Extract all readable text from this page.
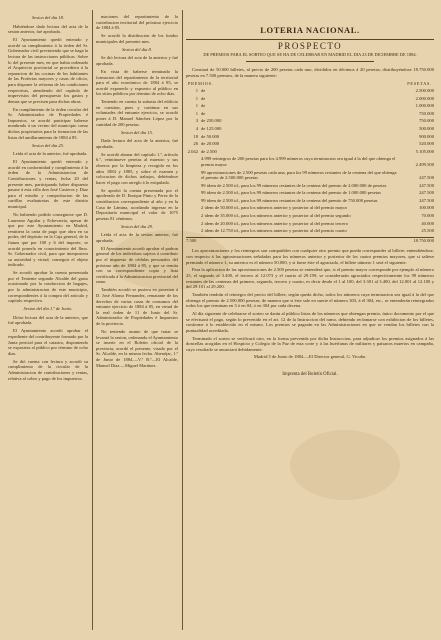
Sesion del dia 18.

Habiéndose dado lectura del acta de la sesion anterior, fué aprobada.

El Ayuntamiento quedó enterado y acordó su cumplimiento á la órden del Sr. Gobernador civil previniendo que se haga la lectura de las instrucciones públicas. Sobre lo del presente mes, en que habia ordenado el Arquitecto provincial se procediera á la reparacion de las cocinas de los habitantes de las Proferias mayores y casas de oficio, para disponer la reforma de las condiciones respectivas, atendiendo del capitulo de imprevistos del presupuesto los gastos y demas que se precisen para dichas obras.

En cumplimiento de la órden circular del Sr. Administrador de Propiedades é Impuestos, se acordó participar haberse nombrado á un vecino del municipio como dichos propietarios para la formacion de las listas del amillaramiento de 1884 á 85.

Sesion del dia 25.

Leida el acta de la anterior, fué aprobada.

El Ayuntamiento quedó enterado y acordó en conformidad y cumplimiento á la órden de la Administracion de Contribuciones y rentas, fecha 20 del presente mes, participando haber dispuesto pasase á esta villa don José Casteros y Diaz para el estudio y comprobacion de las cartillas evaluatorias de este distrito municipal.

No habiendo podido conseguirse que D. Laureano Aguilar y Echevarría, apesar de que por este Ayuntamiento en Madrid, remitiera la carta de pago que obra en su poder, del depósito en la Caja general, de la fianza que por 100 y 6 del importe, se acordó ponerlo en conocimiento del Ilmo. Sr. Gobernador civil, para que interpusiera su autoridad y virtud, conseguir el objeto indicado.

Se acordó aprobar la cuenta presentada por el Teniente segundo Alcalde del gasto ocasionado por la conduccion de bagajes, por la administracion de este municipio, correspondientes á la compra del artículo y capítulo respectivo.

Sesion del dia 1.º de Junio.

Dióse lectura del acta de la anterior, que fué aprobada.

El Ayuntamiento acordó aprobar el expediente del contribuyente formado por la Junta pericial para el catastro, disponiendo se expusiera al público por término de ocho dias.

Se dió cuenta con lectura y acordó su cumplimiento de la circular de la Administracion de contribuciones y rentas, relativa al cobro y pago de los impuestos.

maciones del repartimiento de la contribucion territorial del próximo ejercicio de 1884 á 85.

Se acordó la distribucion de los fondos municipales del presente mes.

Sesion del dia 8.

Se dió lectura del acta de la anterior y fué aprobada.

En vista de haberse terminado la formacion del repartimiento de la territorial para el año económico de 1884 á 85, se acordó exponerlo y expuesto al público en los sitios públicos por término de ocho dias.

Teniendo en cuenta la subasta del edificio en cuestion, pues y continua en sus voluntades del entrante ejercicio, se acordó poner á D. Manuel Sánchez López por la cantidad de 200 pesetas.

Sesion del dia 15.

Dada lectura del acta de la anterior, fué aprobada.

Se acordó abonar del capitulo 1.º, artículo 6.º, veintinueve pesetas al maestro y sus obreros por la limpieza y recogida en los años 1884 y 1885, y sobre el examen y colocacion de dichos trabajos, debiéndose hacer el pago con arreglo á lo estipulado.

Se aprobó la cuenta presentada por el apoderado de D. Enrique Pinto y Perez de la contribucion correspondiente al año y en la Casa de Lámina, acordando ingresar en la Depositaría municipal el valor de 1075 pesetas 81 céntimos.

Sesion del dia 29.

Leida el acta de la sesion anterior, fué aprobada.

El Ayuntamiento acordó aprobar el padron general de los individuos sujetos á contribuir por el impuesto de cédulas personales del próximo año de 1884 á 85, y que se remita con su correspondiente copia y lista certificada á la Administracion provincial del ramo.

También acordó se pusiera en posesion á D. José Alonso Fernandez, rematante de los derechos de varias casas de consumos del entrante ejercicio de 1884 á 85, en virtud de la real órden de 11 de Junio del Sr. Administrador de Propiedades é Impuestos de la provincia.

No teniendo asunto de que tratar se levantó la sesion, ordenando el Ayuntamiento se inserte en el Boletin oficial de la provincia, acordó el presente, visado por el Sr. Alcalde, en la misma fecha. Abenójar, 1.º de Junio de 1884.—V.º B.º—El Alcalde, Manuel Diaz.—Miguel Martinez.

LOTERIA NACIONAL.
PROSPECTO
DE PREMIOS PARA EL SORTEO QUE SE HA DE CELEBRAR EN MADRID EL DIA 23 DE DICIEMBRE DE 1884.

Constará de 50.000 billetes, al precio de 200 pesetas cada uno, divididos en décimos á 20 pesetas; distribuyéndose 18.750.000 pesetas en 7.500 premios, de la manera siguiente:

PREMIOS.	PESETAS.
1 de	2.500.000
1 de	2.000.000
1 de	1.000.000
1 de	750.000
3 de 250.000	750.000
4 de 125.000	500.000
18 de 50.000	900.000
26 de 20.000	520.000
2.042 de 2.500	5.105.000
4.999 reintegros de 200 pesetas para los 4.999 números cuya terminacion sea igual á la del que obtenga el premio mayor	2.499.500
99 aproximaciones de 2.500 pesetas cada una, para los 99 números restantes de la centena del que obtenga el premio de 2.500.000 pesetas	247.500
99 idem de 2.500 id., para los 99 números restantes de la centena del premio de 2.000.000 de pesetas	247.500
99 idem de 2.500 id., para los 99 números restantes de la centena del premio de 1.000.000 pesetas	247.500
99 idem de 2.500 id., para los 99 números restantes de la centena del premio de 750.000 pesetas	247.500
2 idem de 50.000 id., para los números anterior y posterior al del premio mayor	100.000
2 idem de 35.000 id., para los números anterior y posterior al del premio segundo	70.000
2 idem de 20.000 id., para los números anterior y posterior al del premio tercero	40.000
2 idem de 12.750 id., para los números anterior y posterior al del premio cuarto	25.500
7.500	18.750.000

Los aproximaciones y los reintegros son compatibles con cualquier otro premio que pueda corresponder al billete; entendiéndose, con respecto á las aproximaciones señaladas para los números anterior y posterior de los cuatro premios mayores, que si saliese premiado el número 1, su anterior es el número 50.000, y si fuese éste el agraciado, el billete número 1 será el siguiente.

Para la aplicacion de las aproximaciones de 2.500 pesetas se entenderá que, si el premio mayor corresponde por ejemplo al número 25, el segundo al 3.400, el tercero al 12.073 y el cuarto al 29.199, se considerarán agraciados respectivamente los 99 números restantes de las centenas del primero, segundo, tercero y cuarto, es decir desde el 1 al 100, del 3.301 al 3.400, del 12.001 al 12.100 y del 29.101 al 29.200.

También tendrán el reintegro del precio del billete, según queda dicho, todos los números cuya terminacion sea igual á la del que obtenga el premio de 2.500.000 pesetas; de manera que si éste sale en suerte el número 303, á él 304, etc., se entenderán reintegrados todos los que terminan en 3 ó en 04, ó en 304 por cada decena.

Al día siguiente de celebrarse el sorteo se darán al público listas de los números que obtengan premio, único documento por el que se efectuará el pago, según lo prevenido en el art. 12 de la Instruccion del ramo, debiendo reclamarse con exhibicion de los billetes, conforme á lo establecido en el mismo. Los premios se pagarán en las Administraciones en que se vendan los billetes con la puntualidad acreditada.

Terminado el sorteo se verificará otro, en la forma prevenida por dicha Instruccion, para adjudicar los premios asignados á las doncellas acogidas en el Hospicio y Colegio de la Paz de esta corte y á las huérfanas de militares y paisanos muertos en campaña, cuyo resultado se anunciará debidamente.

Madrid 5 de Junio de 1884.—El Director general, G. Vicuña.

Imprenta del Boletín Oficial.
